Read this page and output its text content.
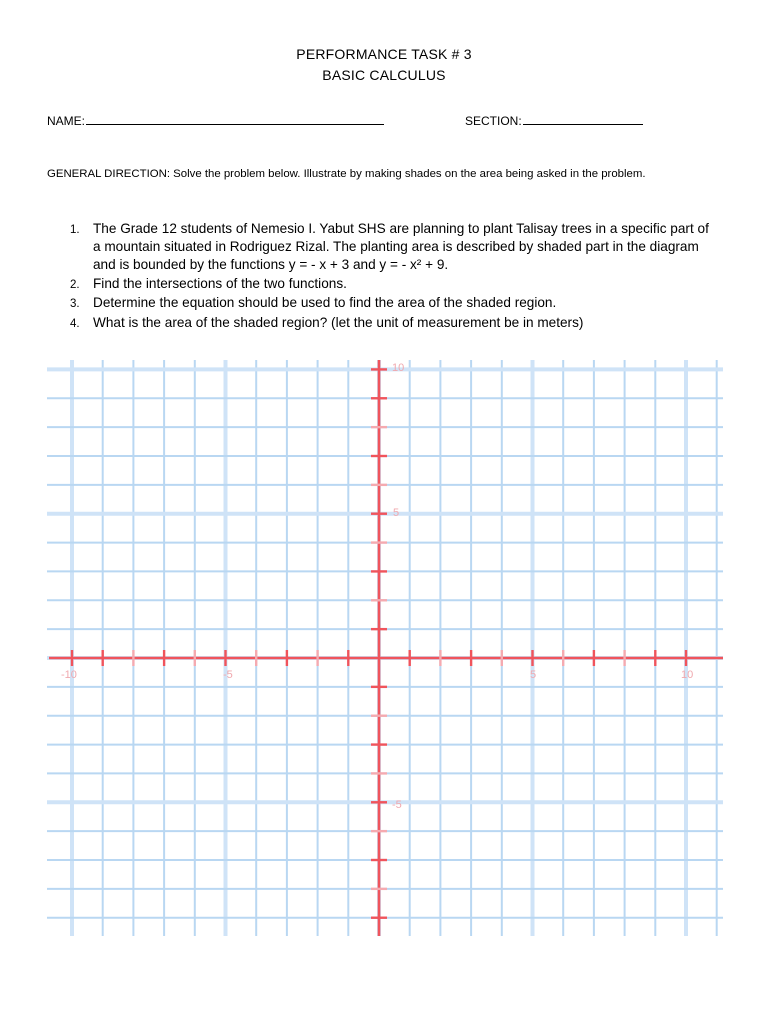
PERFORMANCE TASK # 3
BASIC CALCULUS
NAME:	SECTION:
GENERAL DIRECTION: Solve the problem below. Illustrate by making shades on the area being asked in the problem.
1. The Grade 12 students of Nemesio I. Yabut SHS are planning to plant Talisay trees in a specific part of a mountain situated in Rodriguez Rizal. The planting area is described by shaded part in the diagram and is bounded by the functions y = - x + 3 and y = - x² + 9.
2. Find the intersections of the two functions.
3. Determine the equation should be used to find the area of the shaded region.
4. What is the area of the shaded region? (let the unit of measurement be in meters)
-10	-5	5	10
10
5
-5
